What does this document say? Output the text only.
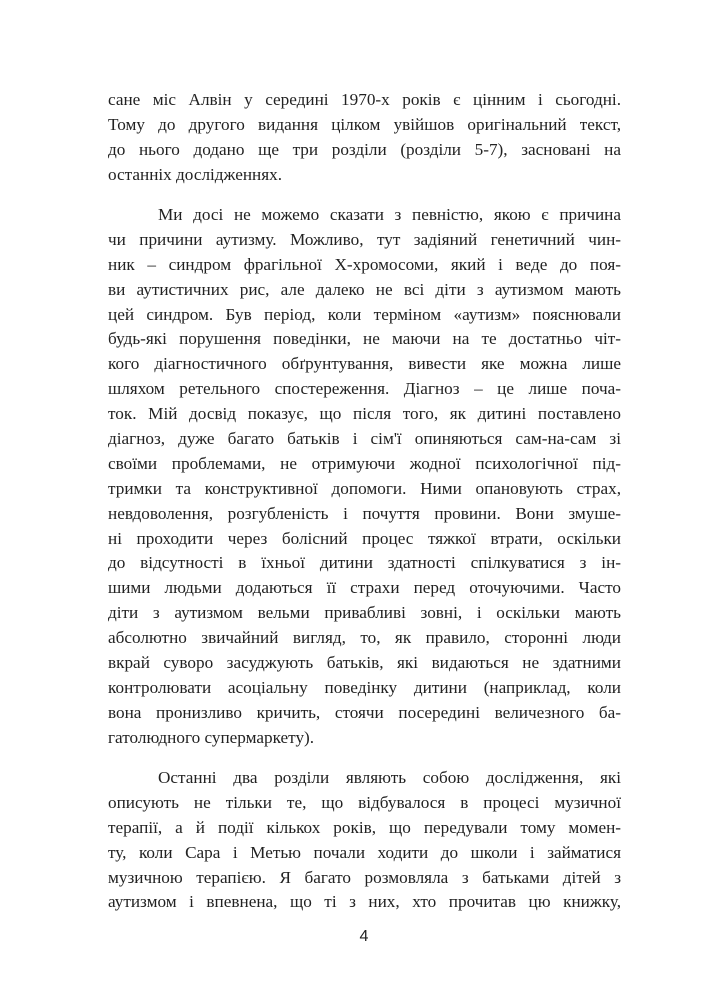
сане міс Алвін у середині 1970-х років є цінним і сьогодні.
Тому до другого видання цілком увійшов оригінальний текст,
до нього додано ще три розділи (розділи 5-7), засновані на
останніх дослідженнях.
Ми досі не можемо сказати з певністю, якою є причина
чи причини аутизму. Можливо, тут задіяний генетичний чин-
ник – синдром фрагільної Х-хромосоми, який і веде до поя-
ви аутистичних рис, але далеко не всі діти з аутизмом мають
цей синдром. Був період, коли терміном «аутизм» пояснювали
будь-які порушення поведінки, не маючи на те достатньо чіт-
кого діагностичного обґрунтування, вивести яке можна лише
шляхом ретельного спостереження. Діагноз – це лише поча-
ток. Мій досвід показує, що після того, як дитині поставлено
діагноз, дуже багато батьків і сім'ї опиняються сам-на-сам зі
своїми проблемами, не отримуючи жодної психологічної під-
тримки та конструктивної допомоги. Ними опановують страх,
невдоволення, розгубленість і почуття провини. Вони змуше-
ні проходити через болісний процес тяжкої втрати, оскільки
до відсутності в їхньої дитини здатності спілкуватися з ін-
шими людьми додаються її страхи перед оточуючими. Часто
діти з аутизмом вельми привабливі зовні, і оскільки мають
абсолютно звичайний вигляд, то, як правило, сторонні люди
вкрай суворо засуджують батьків, які видаються не здатними
контролювати асоціальну поведінку дитини (наприклад, коли
вона пронизливо кричить, стоячи посередині величезного ба-
гатолюдного супермаркету).
Останні два розділи являють собою дослідження, які
описують не тільки те, що відбувалося в процесі музичної
терапії, а й події кількох років, що передували тому момен-
ту, коли Сара і Метью почали ходити до школи і займатися
музичною терапією. Я багато розмовляла з батьками дітей з
аутизмом і впевнена, що ті з них, хто прочитав цю книжку,
4
